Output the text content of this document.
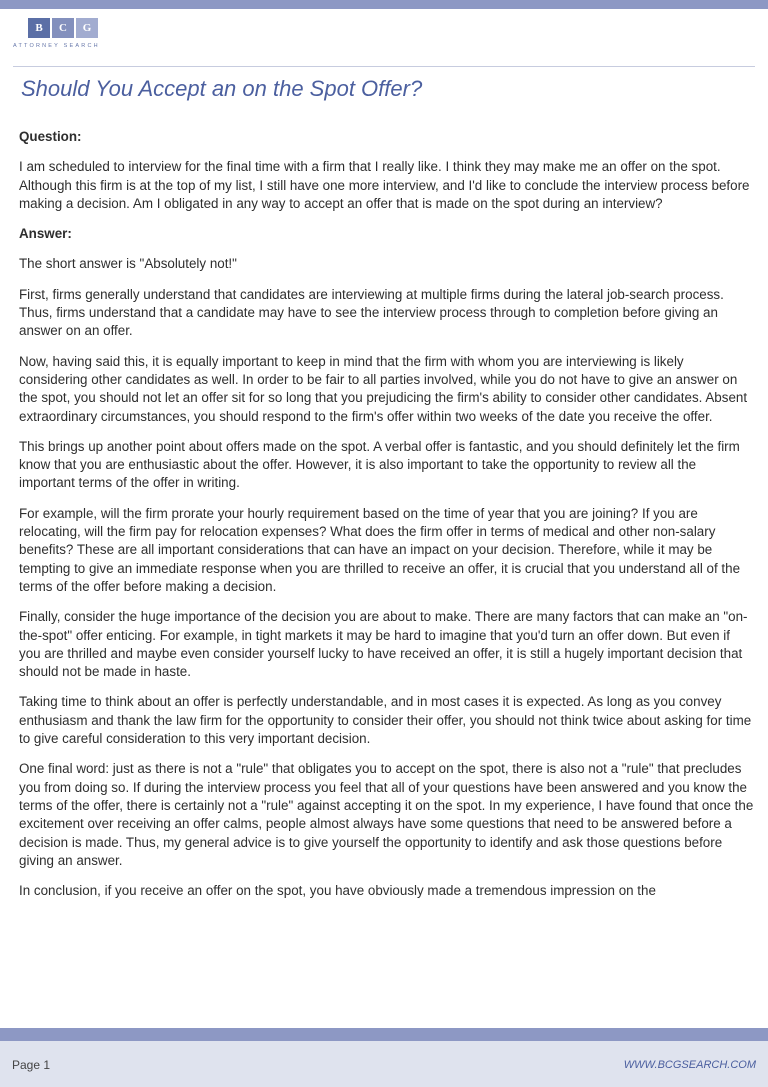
B	C	G
ATTORNEY SEARCH
Should You Accept an on the Spot Offer?

Question:

I am scheduled to interview for the final time with a firm that I really like. I think they may make me an offer on the spot. Although this firm is at the top of my list, I still have one more interview, and I'd like to conclude the interview process before making a decision. Am I obligated in any way to accept an offer that is made on the spot during an interview?

Answer:

The short answer is "Absolutely not!"

First, firms generally understand that candidates are interviewing at multiple firms during the lateral job-search process. Thus, firms understand that a candidate may have to see the interview process through to completion before giving an answer on an offer.

Now, having said this, it is equally important to keep in mind that the firm with whom you are interviewing is likely considering other candidates as well. In order to be fair to all parties involved, while you do not have to give an answer on the spot, you should not let an offer sit for so long that you prejudicing the firm's ability to consider other candidates. Absent extraordinary circumstances, you should respond to the firm's offer within two weeks of the date you receive the offer.

This brings up another point about offers made on the spot. A verbal offer is fantastic, and you should definitely let the firm know that you are enthusiastic about the offer. However, it is also important to take the opportunity to review all the important terms of the offer in writing.

For example, will the firm prorate your hourly requirement based on the time of year that you are joining? If you are relocating, will the firm pay for relocation expenses? What does the firm offer in terms of medical and other non-salary benefits? These are all important considerations that can have an impact on your decision. Therefore, while it may be tempting to give an immediate response when you are thrilled to receive an offer, it is crucial that you understand all of the terms of the offer before making a decision.

Finally, consider the huge importance of the decision you are about to make. There are many factors that can make an "on-the-spot" offer enticing. For example, in tight markets it may be hard to imagine that you'd turn an offer down. But even if you are thrilled and maybe even consider yourself lucky to have received an offer, it is still a hugely important decision that should not be made in haste.

Taking time to think about an offer is perfectly understandable, and in most cases it is expected. As long as you convey enthusiasm and thank the law firm for the opportunity to consider their offer, you should not think twice about asking for time to give careful consideration to this very important decision.

One final word: just as there is not a "rule" that obligates you to accept on the spot, there is also not a "rule" that precludes you from doing so. If during the interview process you feel that all of your questions have been answered and you know the terms of the offer, there is certainly not a "rule" against accepting it on the spot. In my experience, I have found that once the excitement over receiving an offer calms, people almost always have some questions that need to be answered before a decision is made. Thus, my general advice is to give yourself the opportunity to identify and ask those questions before giving an answer.

In conclusion, if you receive an offer on the spot, you have obviously made a tremendous impression on the

Page 1	WWW.BCGSEARCH.COM
